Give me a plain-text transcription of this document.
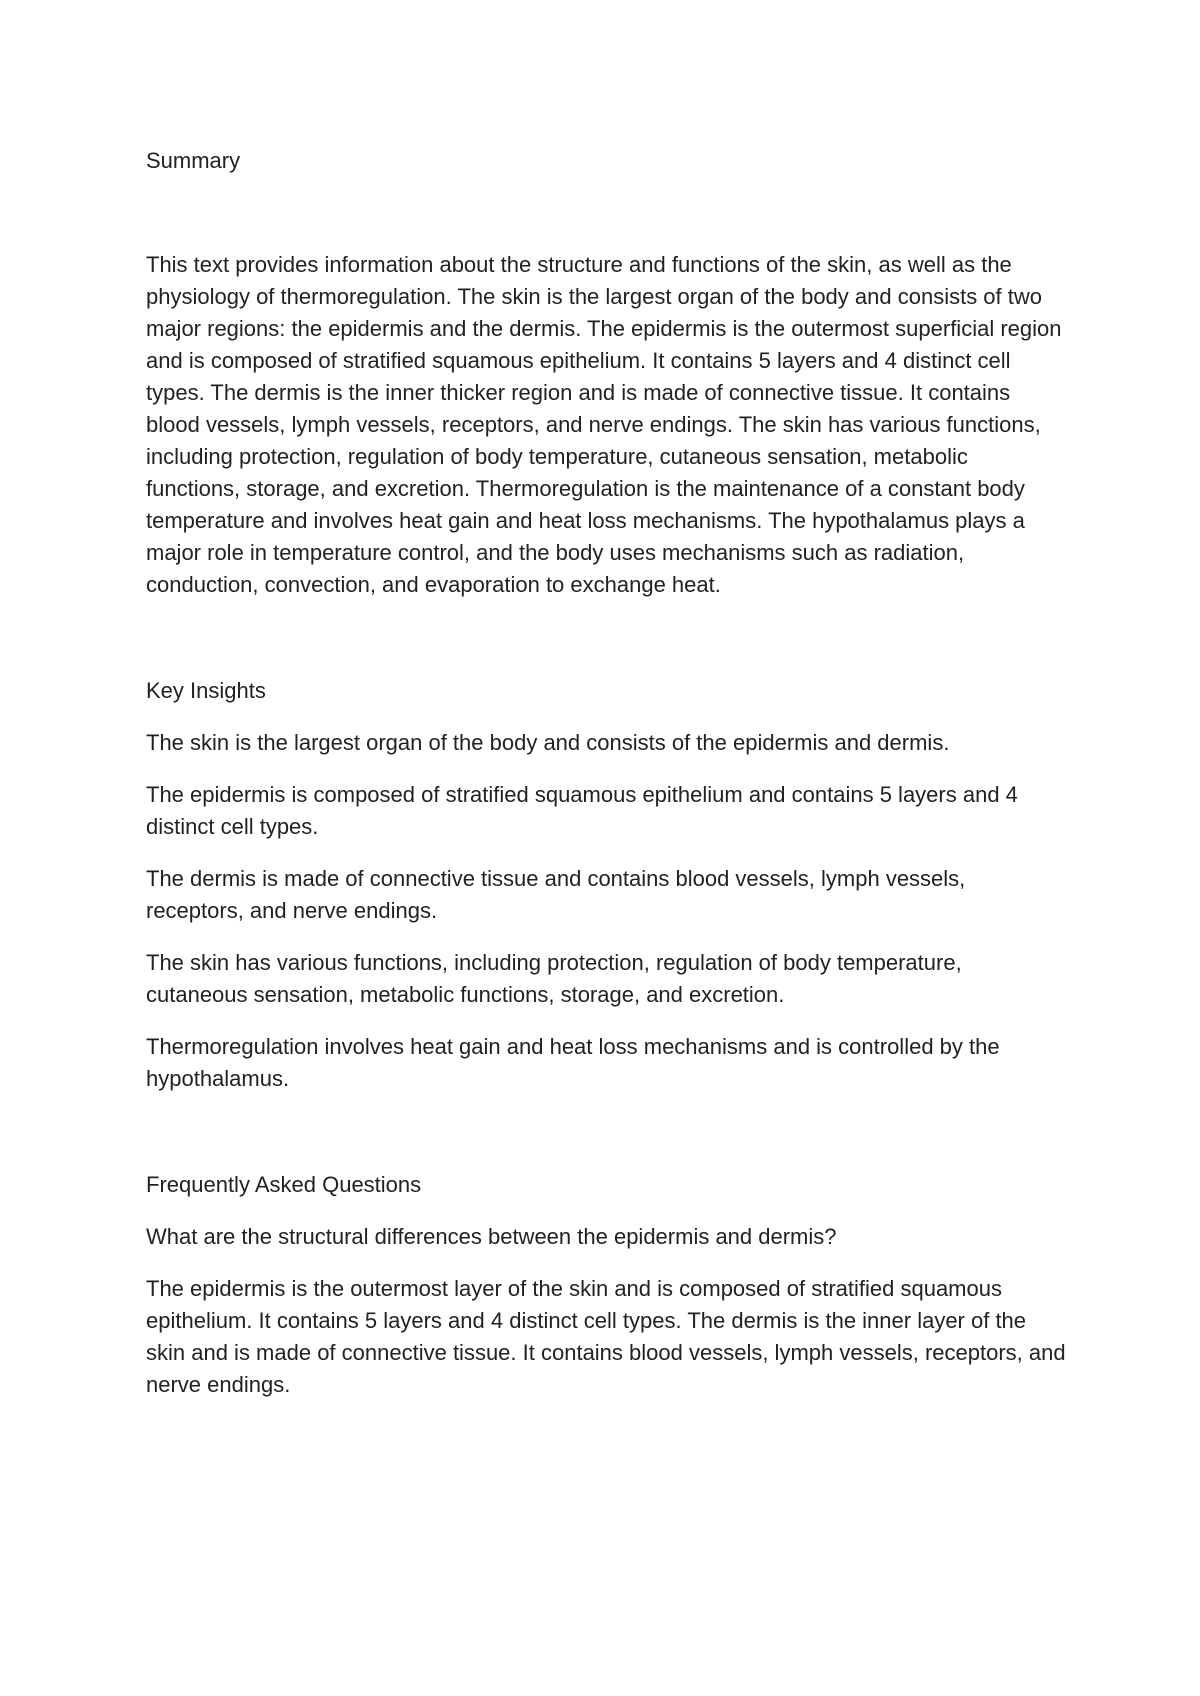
Summary

This text provides information about the structure and functions of the skin, as well as the physiology of thermoregulation. The skin is the largest organ of the body and consists of two major regions: the epidermis and the dermis. The epidermis is the outermost superficial region and is composed of stratified squamous epithelium. It contains 5 layers and 4 distinct cell types. The dermis is the inner thicker region and is made of connective tissue. It contains blood vessels, lymph vessels, receptors, and nerve endings. The skin has various functions, including protection, regulation of body temperature, cutaneous sensation, metabolic functions, storage, and excretion. Thermoregulation is the maintenance of a constant body temperature and involves heat gain and heat loss mechanisms. The hypothalamus plays a major role in temperature control, and the body uses mechanisms such as radiation, conduction, convection, and evaporation to exchange heat.

Key Insights

The skin is the largest organ of the body and consists of the epidermis and dermis.

The epidermis is composed of stratified squamous epithelium and contains 5 layers and 4 distinct cell types.

The dermis is made of connective tissue and contains blood vessels, lymph vessels, receptors, and nerve endings.

The skin has various functions, including protection, regulation of body temperature, cutaneous sensation, metabolic functions, storage, and excretion.

Thermoregulation involves heat gain and heat loss mechanisms and is controlled by the hypothalamus.

Frequently Asked Questions

What are the structural differences between the epidermis and dermis?

The epidermis is the outermost layer of the skin and is composed of stratified squamous epithelium. It contains 5 layers and 4 distinct cell types. The dermis is the inner layer of the skin and is made of connective tissue. It contains blood vessels, lymph vessels, receptors, and nerve endings.
